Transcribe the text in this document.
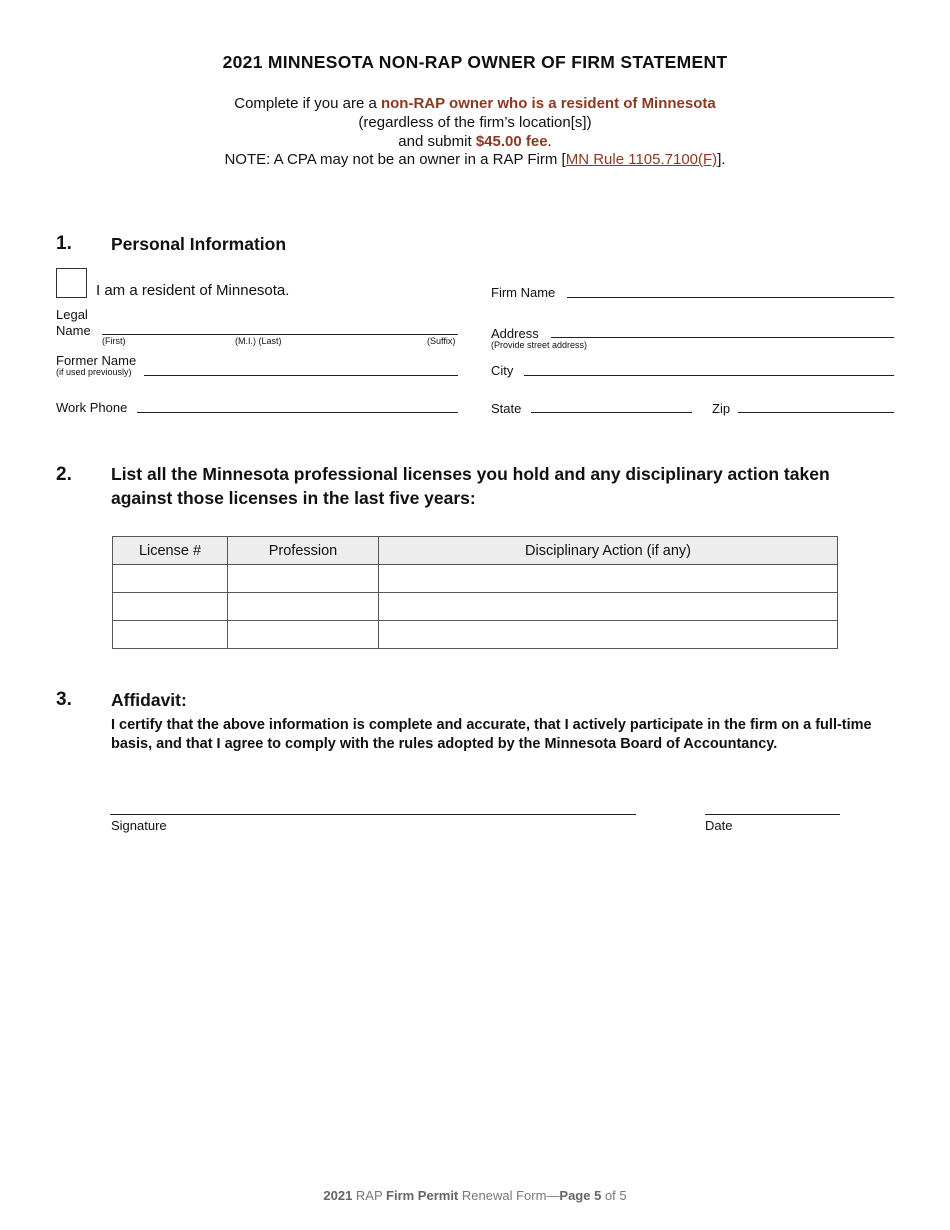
2021 MINNESOTA NON-RAP OWNER OF FIRM STATEMENT
Complete if you are a non-RAP owner who is a resident of Minnesota
(regardless of the firm’s location[s])
and submit $45.00 fee.
NOTE: A CPA may not be an owner in a RAP Firm [MN Rule 1105.7100(F)].
1. Personal Information
I am a resident of Minnesota.
Legal
Name
(First)	(M.I.) (Last)	(Suffix)
Former Name
(if used previously)
Work Phone
Firm Name
Address
(Provide street address)
City
State	Zip
2. List all the Minnesota professional licenses you hold and any disciplinary action taken
against those licenses in the last five years:
License #	Profession	Disciplinary Action (if any)

3. Affidavit:
I certify that the above information is complete and accurate, that I actively participate in the firm on a full-time basis, and that I agree to comply with the rules adopted by the Minnesota Board of Accountancy.
Signature	Date
2021 RAP Firm Permit Renewal Form—Page 5 of 5
